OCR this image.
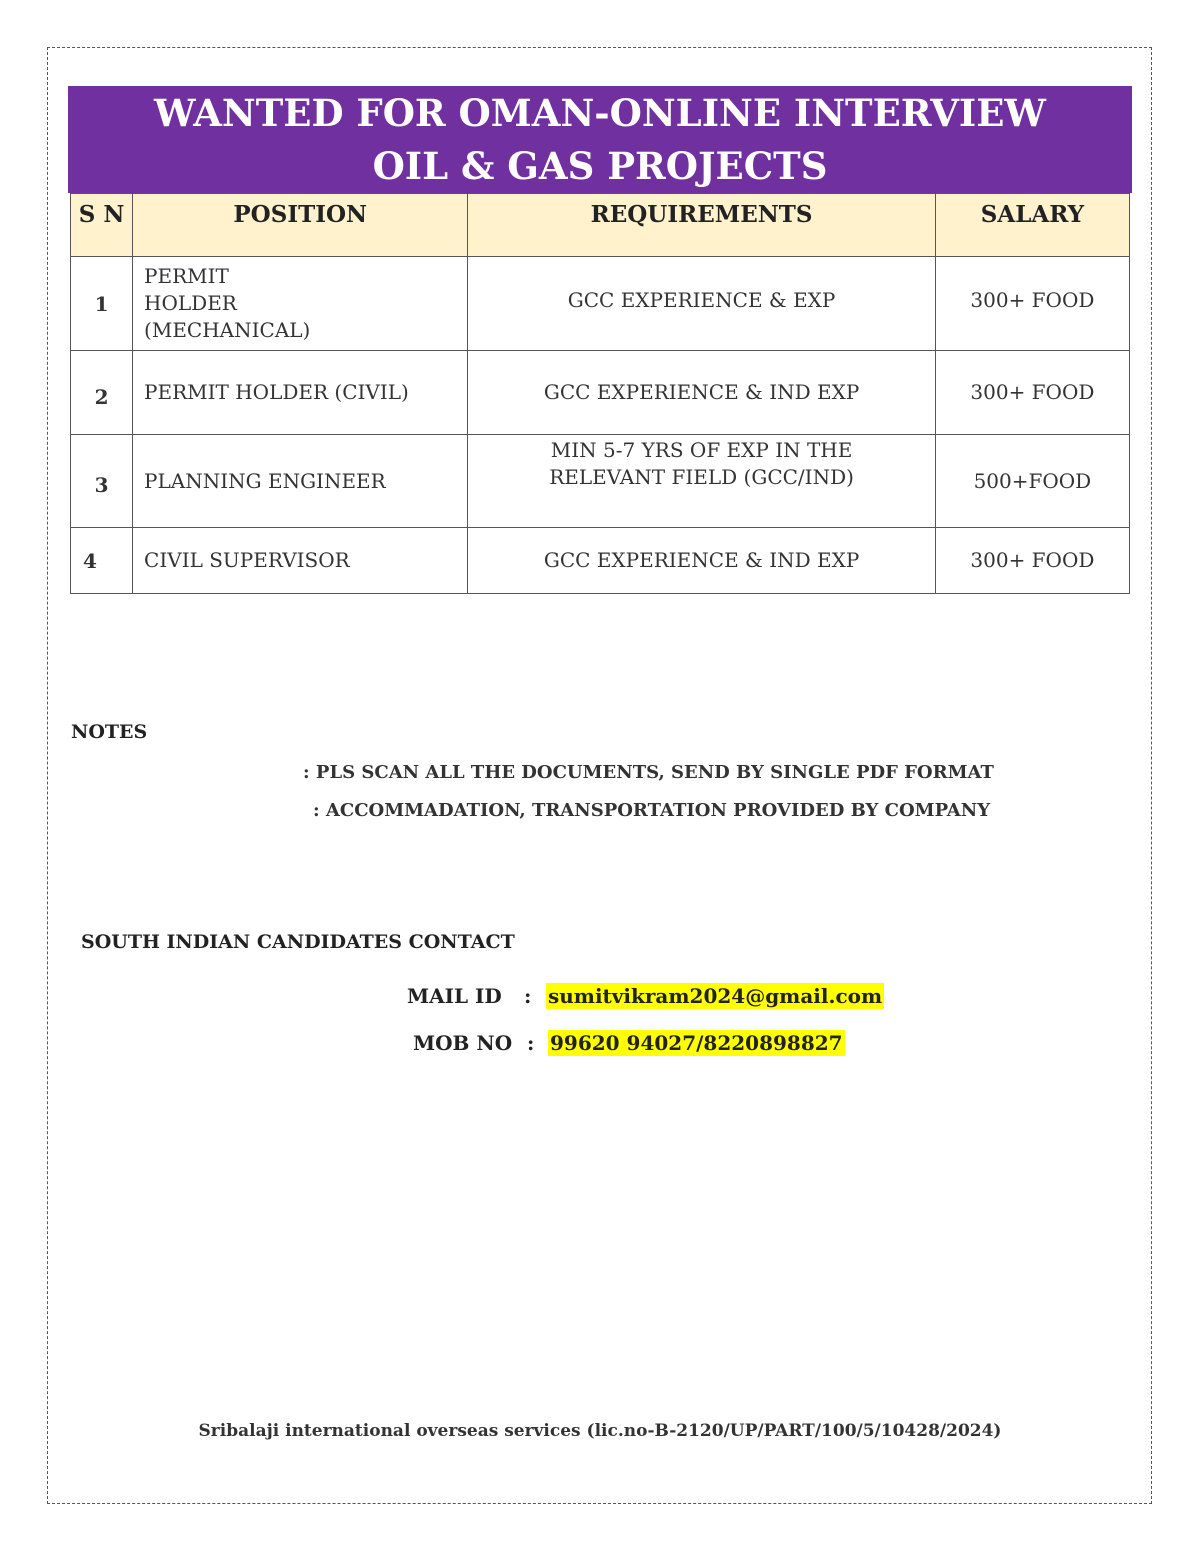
WANTED FOR OMAN-ONLINE INTERVIEW
OIL & GAS PROJECTS
S N	POSITION	REQUIREMENTS	SALARY
1	PERMIT HOLDER (MECHANICAL)	GCC EXPERIENCE & EXP	300+ FOOD
2	PERMIT HOLDER (CIVIL)	GCC EXPERIENCE & IND EXP	300+ FOOD
3	PLANNING ENGINEER	MIN 5-7 YRS OF EXP IN THE RELEVANT FIELD (GCC/IND)	500+FOOD
4	CIVIL SUPERVISOR	GCC EXPERIENCE & IND EXP	300+ FOOD
NOTES
: PLS SCAN ALL THE DOCUMENTS, SEND BY SINGLE PDF FORMAT
: ACCOMMADATION, TRANSPORTATION PROVIDED BY COMPANY
SOUTH INDIAN CANDIDATES CONTACT
MAIL ID : sumitvikram2024@gmail.com
MOB NO : 99620 94027/8220898827
Sribalaji international overseas services (lic.no-B-2120/UP/PART/100/5/10428/2024)
